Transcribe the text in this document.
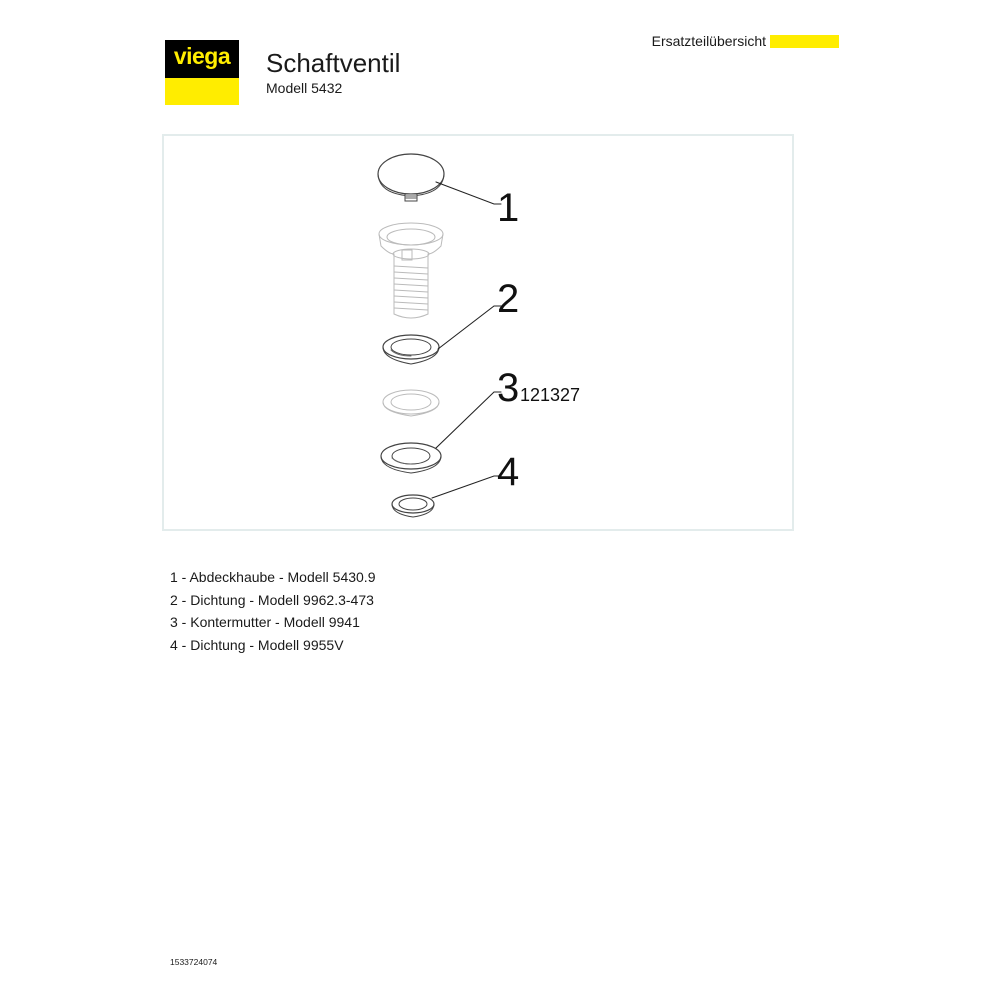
viega	Schaftventil
Modell 5432
Ersatzteilübersicht
1
2
3 121327
4
1 - Abdeckhaube - Modell 5430.9
2 - Dichtung - Modell 9962.3-473
3 - Kontermutter - Modell 9941
4 - Dichtung - Modell 9955V
1533724074
